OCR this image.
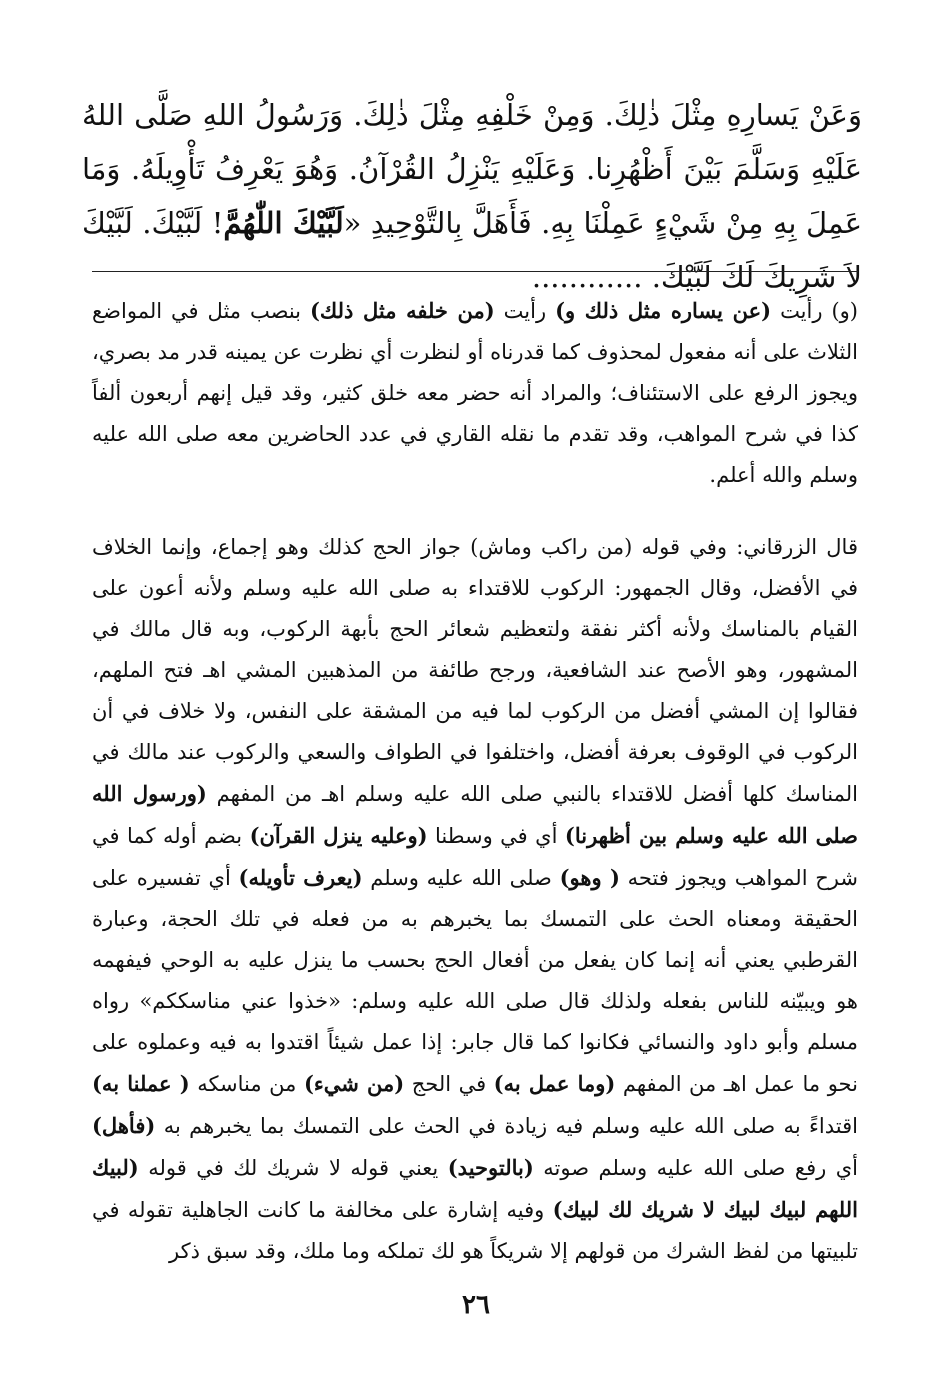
وَعَنْ يَسارِهِ مِثْلَ ذٰلِكَ. وَمِنْ خَلْفِهِ مِثْلَ ذٰلِكَ. وَرَسُولُ اللهِ صَلَّى اللهُ عَلَيْهِ وَسَلَّمَ بَيْنَ أَظْهُرِنا. وَعَلَيْهِ يَنْزِلُ القُرْآنُ. وَهُوَ يَعْرِفُ تَأْوِيلَهُ. وَمَا عَمِلَ بِهِ مِنْ شَيْءٍ عَمِلْنَا بِهِ. فَأَهَلَّ بِالتَّوْحِيدِ «لَبَّيْكَ اللّٰهُمَّ! لَبَّيْكَ. لَبَّيْكَ لاَ شَرِيكَ لَكَ لَبَّيْكَ. ............
(و) رأيت (عن يساره مثل ذلك و) رأيت (من خلفه مثل ذلك) بنصب مثل في المواضع الثلاث على أنه مفعول لمحذوف كما قدرناه أو لنظرت أي نظرت عن يمينه قدر مد بصري، ويجوز الرفع على الاستئناف؛ والمراد أنه حضر معه خلق كثير، وقد قيل إنهم أربعون ألفاً كذا في شرح المواهب، وقد تقدم ما نقله القاري في عدد الحاضرين معه صلى الله عليه وسلم والله أعلم.
قال الزرقاني: وفي قوله (من راكب وماش) جواز الحج كذلك وهو إجماع، وإنما الخلاف في الأفضل، وقال الجمهور: الركوب للاقتداء به صلى الله عليه وسلم ولأنه أعون على القيام بالمناسك ولأنه أكثر نفقة ولتعظيم شعائر الحج بأبهة الركوب، وبه قال مالك في المشهور، وهو الأصح عند الشافعية، ورجح طائفة من المذهبين المشي اهـ فتح الملهم، فقالوا إن المشي أفضل من الركوب لما فيه من المشقة على النفس، ولا خلاف في أن الركوب في الوقوف بعرفة أفضل، واختلفوا في الطواف والسعي والركوب عند مالك في المناسك كلها أفضل للاقتداء بالنبي صلى الله عليه وسلم اهـ من المفهم (ورسول الله صلى الله عليه وسلم بين أظهرنا) أي في وسطنا (وعليه ينزل القرآن) بضم أوله كما في شرح المواهب ويجوز فتحه ( وهو) صلى الله عليه وسلم (يعرف تأويله) أي تفسيره على الحقيقة ومعناه الحث على التمسك بما يخبرهم به من فعله في تلك الحجة، وعبارة القرطبي يعني أنه إنما كان يفعل من أفعال الحج بحسب ما ينزل عليه به الوحي فيفهمه هو ويبيّنه للناس بفعله ولذلك قال صلى الله عليه وسلم: «خذوا عني مناسككم» رواه مسلم وأبو داود والنسائي فكانوا كما قال جابر: إذا عمل شيئاً اقتدوا به فيه وعملوه على نحو ما عمل اهـ من المفهم (وما عمل به) في الحج (من شيء) من مناسكه ( عملنا به) اقتداءً به صلى الله عليه وسلم فيه زيادة في الحث على التمسك بما يخبرهم به (فأهل) أي رفع صلى الله عليه وسلم صوته (بالتوحيد) يعني قوله لا شريك لك في قوله (لبيك اللهم لبيك لبيك لا شريك لك لبيك) وفيه إشارة على مخالفة ما كانت الجاهلية تقوله في تلبيتها من لفظ الشرك من قولهم إلا شريكاً هو لك تملكه وما ملك، وقد سبق ذكر
٢٦
